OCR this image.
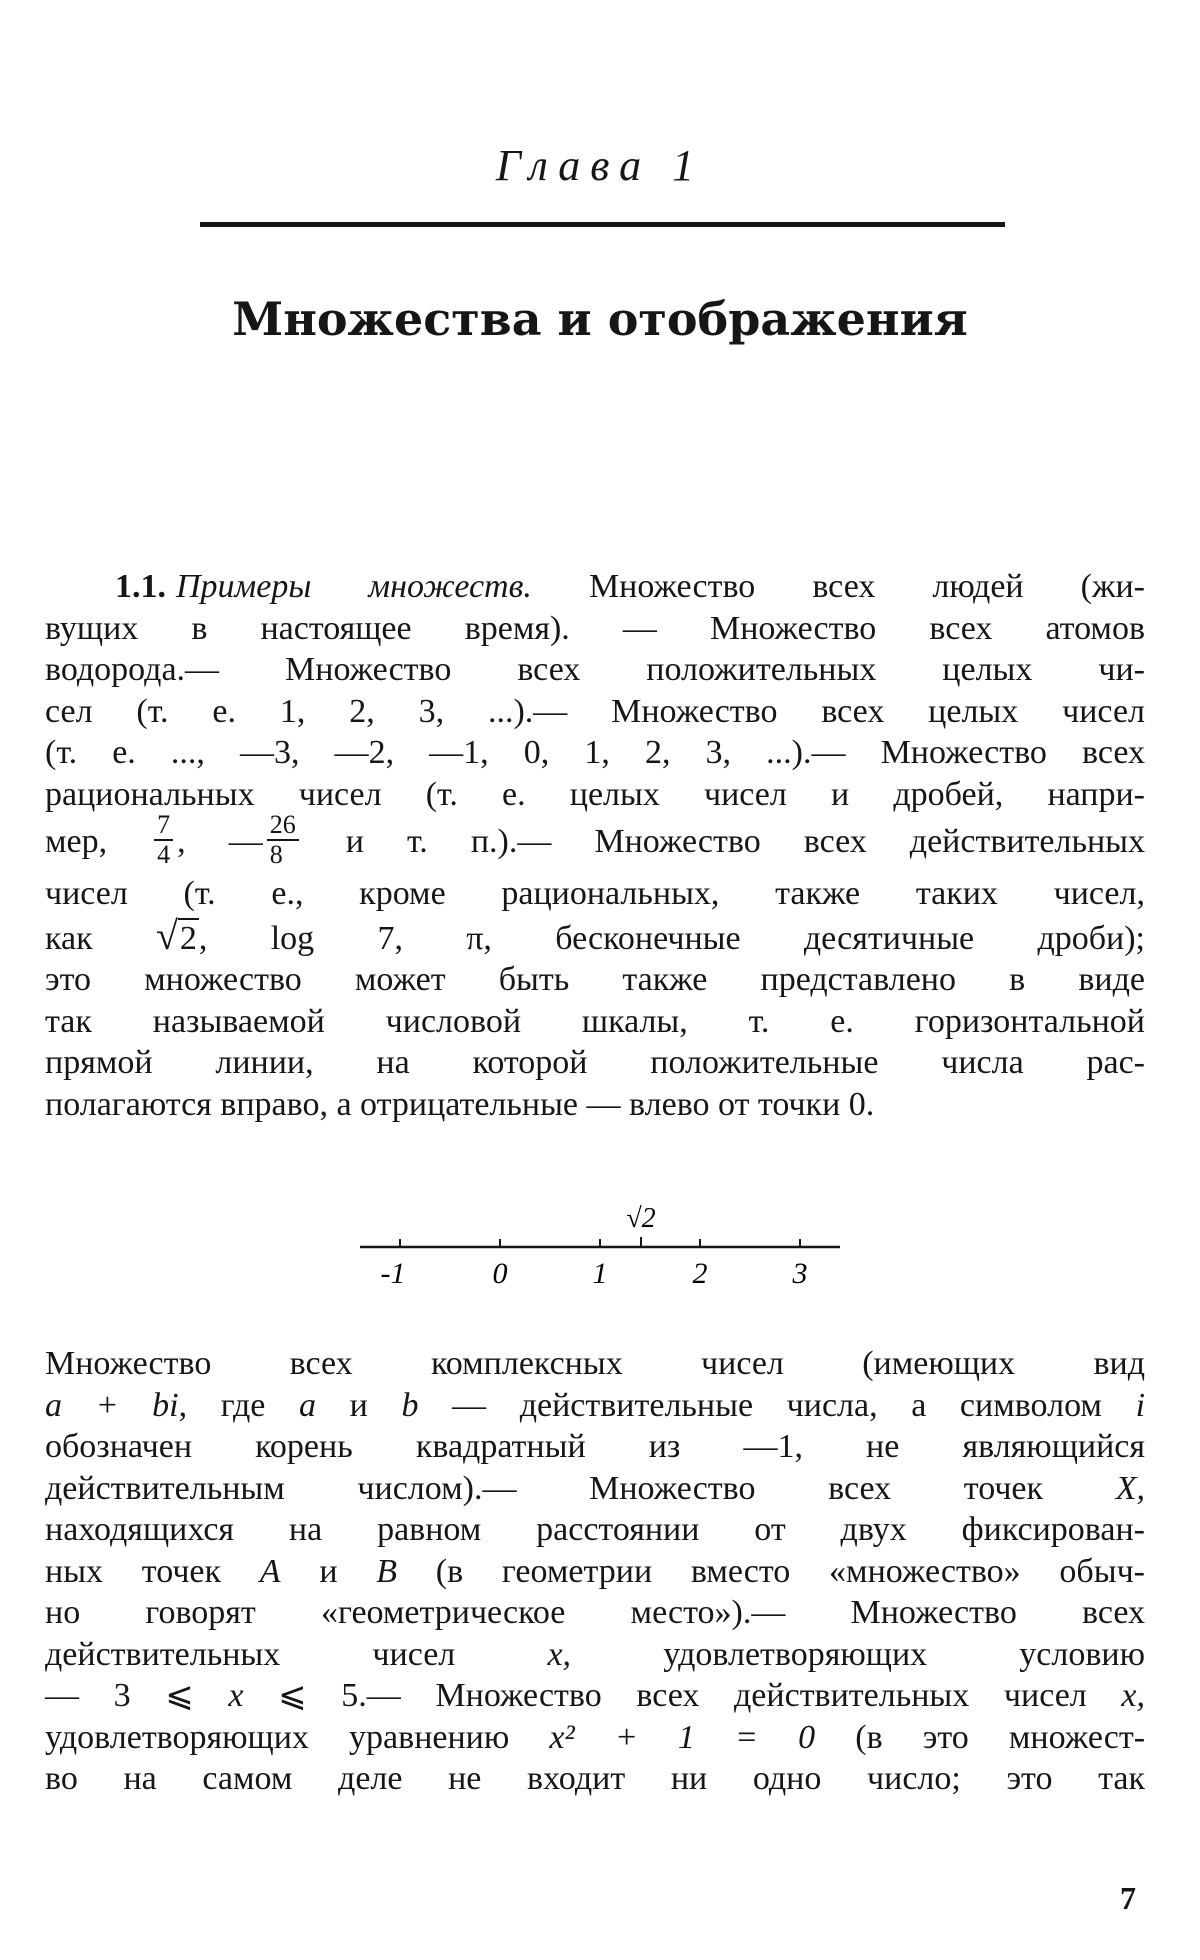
Глава 1
Множества и отображения
1.1. Примеры множеств. Множество всех людей (жи-
вущих в настоящее время). — Множество всех атомов
водорода.— Множество всех положительных целых чи-
сел (т. е. 1, 2, 3, ...).— Множество всех целых чисел
(т. е. ..., —3, —2, —1, 0, 1, 2, 3, ...).— Множество всех
рациональных чисел (т. е. целых чисел и дробей, напри-
мер, $\frac{7}{4}$ , — $\frac{26}{8}$ и т. п.).— Множество всех действительных
чисел (т. е., кроме рациональных, также таких чисел,
как √2, log 7, π, бесконечные десятичные дроби);
это множество может быть также представлено в виде
так называемой числовой шкалы, т. е. горизонтальной
прямой линии, на которой положительные числа рас-
полагаются вправо, а отрицательные — влево от точки 0.
√2
-1	0	1	2	3
Множество всех комплексных чисел (имеющих вид
a + bi, где a и b — действительные числа, а символом i
обозначен корень квадратный из —1, не являющийся
действительным числом).— Множество всех точек X,
находящихся на равном расстоянии от двух фиксирован-
ных точек A и B (в геометрии вместо «множество» обыч-
но говорят «геометрическое место»).— Множество всех
действительных чисел	x,	удовлетворяющих условию
— 3 ⩽ x ⩽ 5.— Множество всех действительных чисел x,
удовлетворяющих уравнению x² + 1 = 0 (в это множест-
во на самом деле не входит ни одно число; это так
7
